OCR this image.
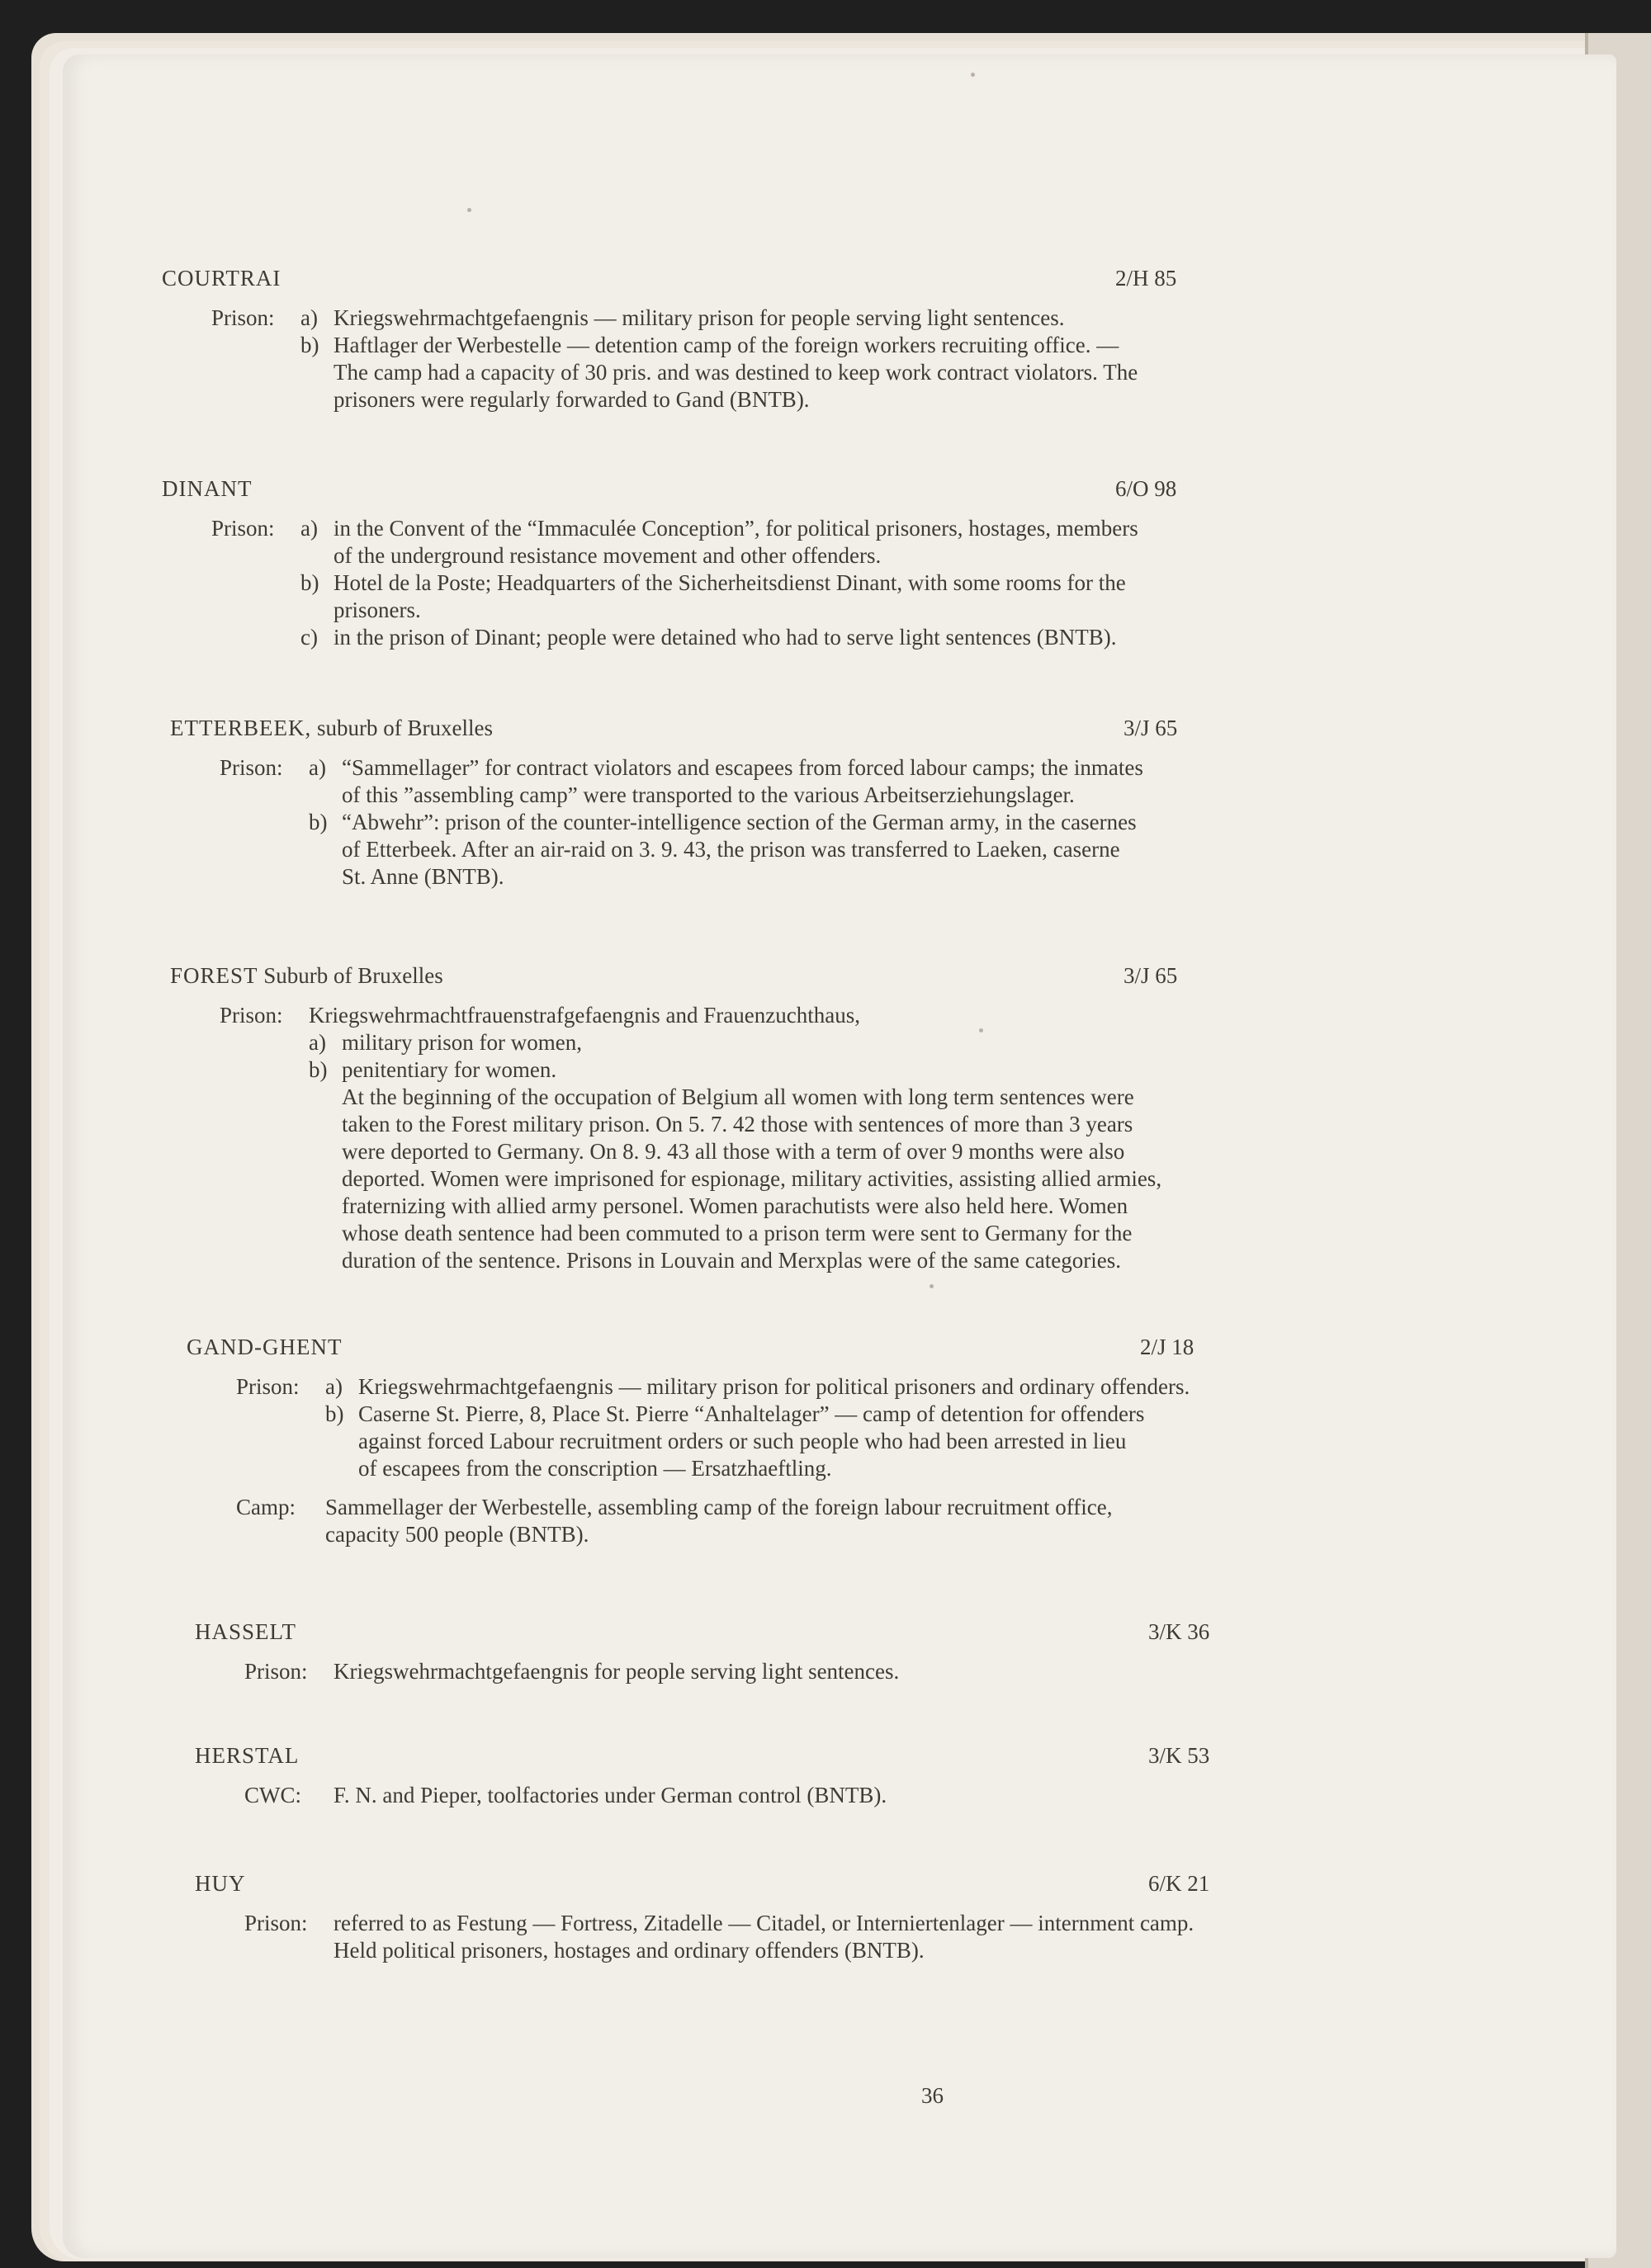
COURTRAI	2/H 85
Prison:	a) Kriegswehrmachtgefaengnis — military prison for people serving light sentences.
b) Haftlager der Werbestelle — detention camp of the foreign workers recruiting office. —
The camp had a capacity of 30 pris. and was destined to keep work contract violators. The
prisoners were regularly forwarded to Gand (BNTB).
DINANT	6/O 98
Prison:	a) in the Convent of the “Immaculée Conception”, for political prisoners, hostages, members
of the underground resistance movement and other offenders.
b) Hotel de la Poste; Headquarters of the Sicherheitsdienst Dinant, with some rooms for the
prisoners.
c) in the prison of Dinant; people were detained who had to serve light sentences (BNTB).
ETTERBEEK, suburb of Bruxelles	3/J 65
Prison:	a) “Sammellager” for contract violators and escapees from forced labour camps; the inmates
of this ”assembling camp” were transported to the various Arbeitserziehungslager.
b) “Abwehr”: prison of the counter-intelligence section of the German army, in the casernes
of Etterbeek. After an air-raid on 3. 9. 43, the prison was transferred to Laeken, caserne
St. Anne (BNTB).
FOREST Suburb of Bruxelles	3/J 65
Prison:	Kriegswehrmachtfrauenstrafgefaengnis and Frauenzuchthaus,
a) military prison for women,
b) penitentiary for women.
At the beginning of the occupation of Belgium all women with long term sentences were
taken to the Forest military prison. On 5. 7. 42 those with sentences of more than 3 years
were deported to Germany. On 8. 9. 43 all those with a term of over 9 months were also
deported. Women were imprisoned for espionage, military activities, assisting allied armies,
fraternizing with allied army personel. Women parachutists were also held here. Women
whose death sentence had been commuted to a prison term were sent to Germany for the
duration of the sentence. Prisons in Louvain and Merxplas were of the same categories.
GAND-GHENT	2/J 18
Prison:	a) Kriegswehrmachtgefaengnis — military prison for political prisoners and ordinary offenders.
b) Caserne St. Pierre, 8, Place St. Pierre “Anhaltelager” — camp of detention for offenders
against forced Labour recruitment orders or such people who had been arrested in lieu
of escapees from the conscription — Ersatzhaeftling.
Camp:	Sammellager der Werbestelle, assembling camp of the foreign labour recruitment office,
capacity 500 people (BNTB).
HASSELT	3/K 36
Prison:	Kriegswehrmachtgefaengnis for people serving light sentences.
HERSTAL	3/K 53
CWC:	F. N. and Pieper, toolfactories under German control (BNTB).
HUY	6/K 21
Prison:	referred to as Festung — Fortress, Zitadelle — Citadel, or Interniertenlager — internment camp.
Held political prisoners, hostages and ordinary offenders (BNTB).
36
